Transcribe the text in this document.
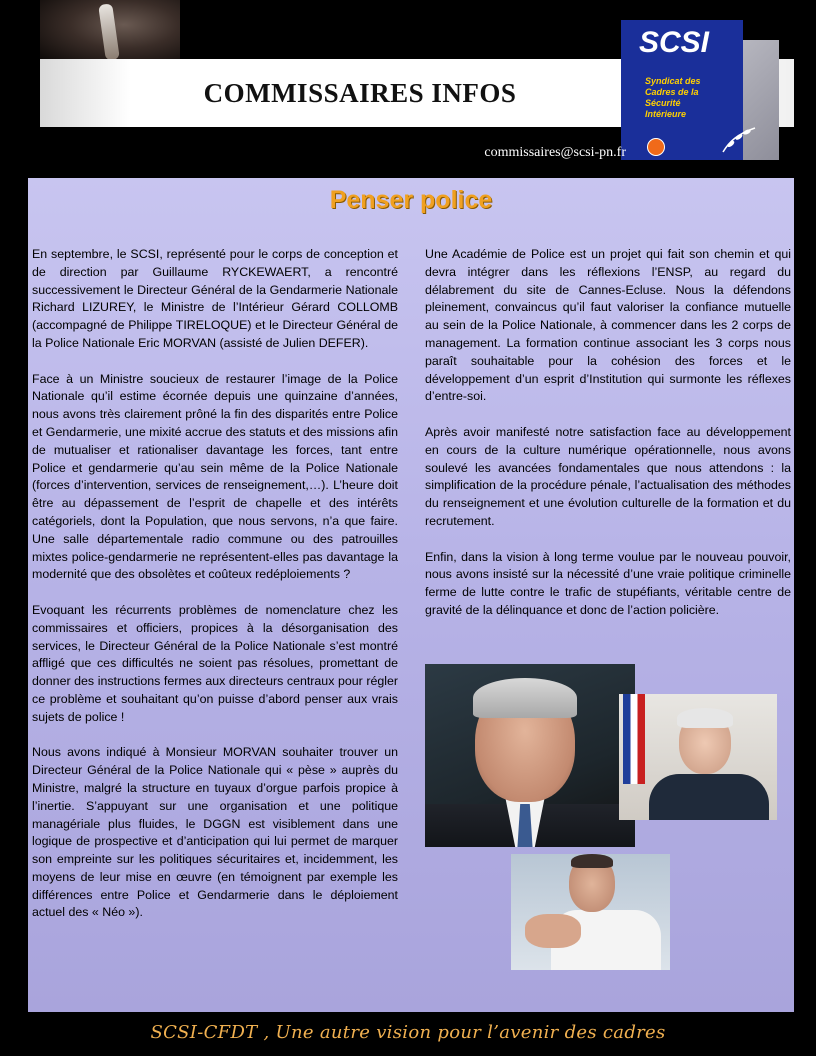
COMMISSAIRES INFOS
SCSI
Syndicat des
Cadres de la
Sécurité
Intérieure
commissaires@scsi-pn.fr
Penser police

En septembre, le SCSI, représenté pour le corps de conception et de direction par Guillaume RYCKEWAERT, a rencontré successivement le Directeur Général de la Gendarmerie Nationale Richard LIZUREY, le Ministre de l’Intérieur Gérard COLLOMB (accompagné de Philippe TIRELOQUE) et le Directeur Général de la Police Nationale Eric MORVAN (assisté de Julien DEFER).

Face à un Ministre soucieux de restaurer l’image de la Police Nationale qu’il estime écornée depuis une quinzaine d’années, nous avons très clairement prôné la fin des disparités entre Police et Gendarmerie, une mixité accrue des statuts et des missions afin de mutualiser et rationaliser davantage les forces, tant entre Police et gendarmerie qu’au sein même de la Police Nationale (forces d’intervention, services de renseignement,…). L’heure doit être au dépassement de l’esprit de chapelle et des intérêts catégoriels, dont la Population, que nous servons, n’a que faire. Une salle départementale radio commune ou des patrouilles mixtes police-gendarmerie ne représentent-elles pas davantage la modernité que des obsolètes et coûteux redéploiements ?

Evoquant les récurrents problèmes de nomenclature chez les commissaires et officiers, propices à la désorganisation des services, le Directeur Général de la Police Nationale s’est montré affligé que ces difficultés ne soient pas résolues, promettant de donner des instructions fermes aux directeurs centraux pour régler ce problème et souhaitant qu’on puisse d’abord penser aux vrais sujets de police !

Nous avons indiqué à Monsieur MORVAN souhaiter trouver un Directeur Général de la Police Nationale qui « pèse » auprès du Ministre, malgré la structure en tuyaux d’orgue parfois propice à l’inertie. S’appuyant sur une organisation et une politique managériale plus fluides, le DGGN est visiblement dans une logique de prospective et d’anticipation qui lui permet de marquer son empreinte sur les politiques sécuritaires et, incidemment, les moyens de leur mise en œuvre (en témoignent par exemple les différences entre Police et Gendarmerie dans le déploiement actuel des « Néo »).

Une Académie de Police est un projet qui fait son chemin et qui devra intégrer dans les réflexions l’ENSP, au regard du délabrement du site de Cannes-Ecluse. Nous la défendons pleinement, convaincus qu’il faut valoriser la confiance mutuelle au sein de la Police Nationale, à commencer dans les 2 corps de management. La formation continue associant les 3 corps nous paraît souhaitable pour la cohésion des forces et le développement d’un esprit d’Institution qui surmonte les réflexes d’entre-soi.

Après avoir manifesté notre satisfaction face au développement en cours de la culture numérique opérationnelle, nous avons soulevé les avancées fondamentales que nous attendons : la simplification de la procédure pénale, l’actualisation des méthodes du renseignement et une évolution culturelle de la formation et du recrutement.

Enfin, dans la vision à long terme voulue par le nouveau pouvoir, nous avons insisté sur la nécessité d’une vraie politique criminelle ferme de lutte contre le trafic de stupéfiants, véritable centre de gravité de la délinquance et donc de l’action policière.

SCSI-CFDT , Une autre vision pour l’avenir des cadres
